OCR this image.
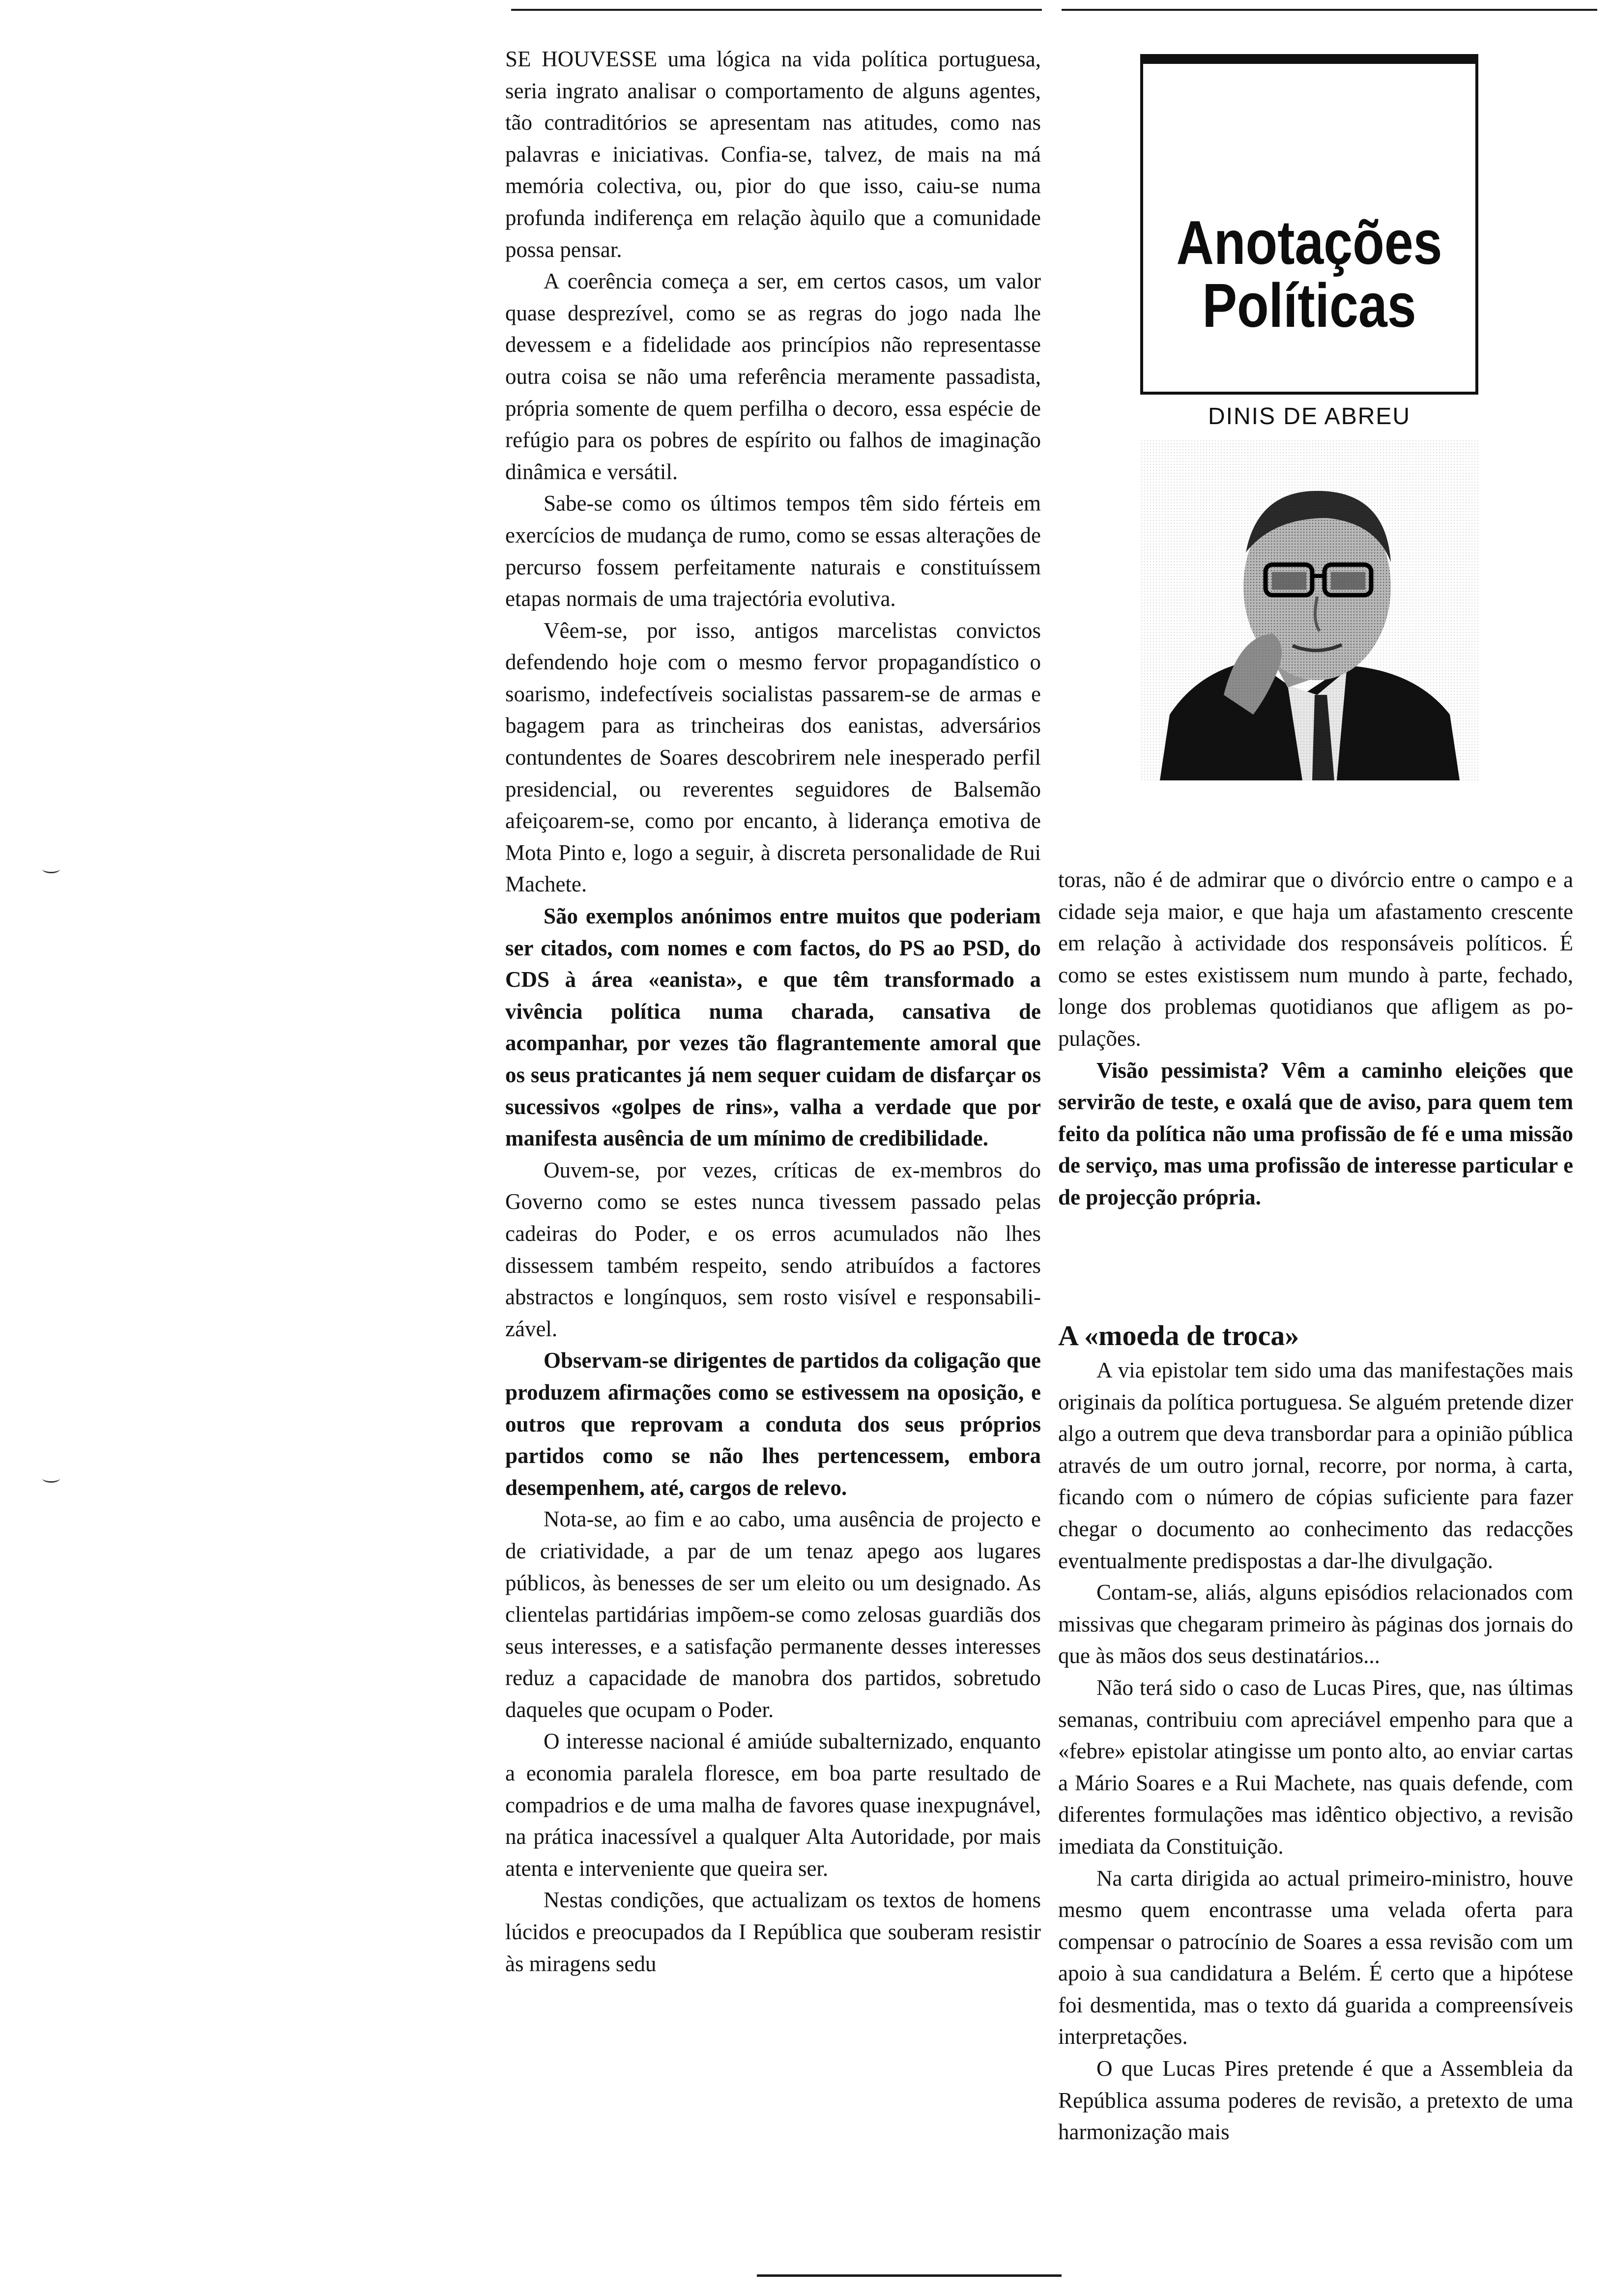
SE HOUVESSE uma lógica na vida política portuguesa, seria ingrato analisar o comportamento de alguns agentes, tão contraditórios se apresentam nas atitudes, como nas palavras e iniciativas. Confia-se, talvez, de mais na má memória colectiva, ou, pior do que isso, caiu-se numa profunda indiferença em relação àquilo que a comunidade possa pensar.

A coerência começa a ser, em certos casos, um valor quase desprezível, como se as regras do jogo nada lhe devessem e a fidelidade aos princípios não representasse outra coisa se não uma referência meramente passadista, própria somente de quem perfilha o decoro, essa espécie de refúgio para os pobres de espírito ou falhos de imaginação dinâmica e versátil.

Sabe-se como os últimos tempos têm sido férteis em exercícios de mudança de rumo, como se essas alterações de percurso fossem perfeitamente naturais e constituíssem etapas normais de uma trajectória evolutiva.

Vêem-se, por isso, antigos marcelistas convictos defendendo hoje com o mesmo fervor propagandístico o soarismo, indefectíveis socialistas passarem-se de armas e bagagem para as trincheiras dos eanistas, adversários contundentes de Soares descobrirem nele inesperado perfil presidencial, ou reverentes seguidores de Balsemão afeiçoarem-se, como por encanto, à liderança emotiva de Mota Pinto e, logo a seguir, à discreta personalidade de Rui Machete.

São exemplos anónimos entre muitos que poderiam ser citados, com nomes e com factos, do PS ao PSD, do CDS à área «eanista», e que têm transformado a vivência política numa charada, cansativa de acompanhar, por vezes tão flagrantemente amoral que os seus praticantes já nem sequer cuidam de disfarçar os sucessivos «golpes de rins», valha a verdade que por manifesta ausência de um mínimo de credibilidade.

Ouvem-se, por vezes, críticas de ex-membros do Governo como se estes nunca tivessem passado pelas cadeiras do Poder, e os erros acumulados não lhes dissessem também respeito, sendo atribuídos a factores abstractos e longínquos, sem rosto visível e responsabilizável.

Observam-se dirigentes de partidos da coligação que produzem afirmações como se estivessem na oposição, e outros que reprovam a conduta dos seus próprios partidos como se não lhes pertencessem, embora desempenhem, até, cargos de relevo.

Nota-se, ao fim e ao cabo, uma ausência de projecto e de criatividade, a par de um tenaz apego aos lugares públicos, às benesses de ser um eleito ou um designado. As clientelas partidárias impõem-se como zelosas guardiãs dos seus interesses, e a satisfação permanente desses interesses reduz a capacidade de manobra dos partidos, sobretudo daqueles que ocupam o Poder.

O interesse nacional é amiúde subalternizado, enquanto a economia paralela floresce, em boa parte resultado de compadrios e de uma malha de favores quase inexpugnável, na prática inacessível a qualquer Alta Autoridade, por mais atenta e interveniente que queira ser.

Nestas condições, que actualizam os textos de homens lúcidos e preocupados da I República que souberam resistir às miragens sedu

Anotações
Políticas
DINIS DE ABREU

toras, não é de admirar que o divórcio entre o campo e a cidade seja maior, e que haja um afastamento crescente em relação à actividade dos responsáveis políticos. É como se estes existissem num mundo à parte, fechado, longe dos problemas quotidianos que afligem as populações.

Visão pessimista? Vêm a caminho eleições que servirão de teste, e oxalá que de aviso, para quem tem feito da política não uma profissão de fé e uma missão de serviço, mas uma profissão de interesse particular e de projecção própria.

A «moeda de troca»

A via epistolar tem sido uma das manifestações mais originais da política portuguesa. Se alguém pretende dizer algo a outrem que deva transbordar para a opinião pública através de um outro jornal, recorre, por norma, à carta, ficando com o número de cópias suficiente para fazer chegar o documento ao conhecimento das redacções eventualmente predispostas a dar-lhe divulgação.

Contam-se, aliás, alguns episódios relacionados com missivas que chegaram primeiro às páginas dos jornais do que às mãos dos seus destinatários...

Não terá sido o caso de Lucas Pires, que, nas últimas semanas, contribuiu com apreciável empenho para que a «febre» epistolar atingisse um ponto alto, ao enviar cartas a Mário Soares e a Rui Machete, nas quais defende, com diferentes formulações mas idêntico objectivo, a revisão imediata da Constituição.

Na carta dirigida ao actual primeiro-ministro, houve mesmo quem encontrasse uma velada oferta para compensar o patrocínio de Soares a essa revisão com um apoio à sua candidatura a Belém. É certo que a hipótese foi desmentida, mas o texto dá guarida a compreensíveis interpretações.

O que Lucas Pires pretende é que a Assembleia da República assuma poderes de revisão, a pretexto de uma harmonização mais
